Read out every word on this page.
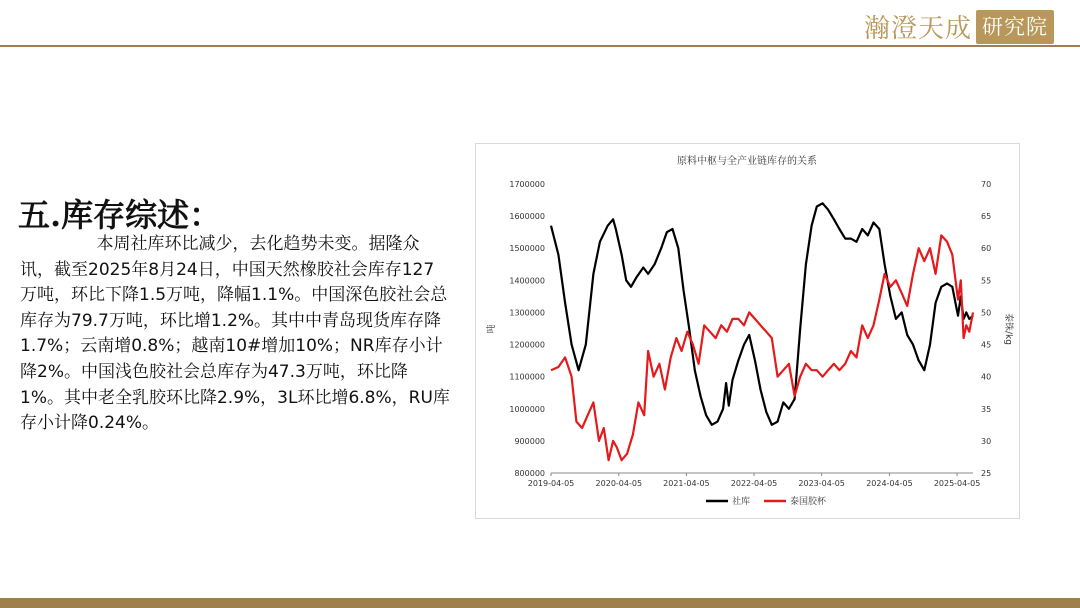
瀚澄天成 研究院
五.库存综述：
本周社库环比减少，去化趋势未变。据隆众讯，截至2025年8月24日，中国天然橡胶社会库存127万吨，环比下降1.5万吨，降幅1.1%。中国深色胶社会总库存为79.7万吨，环比增1.2%。其中中青岛现货库存降1.7%；云南增0.8%；越南10#增加10%；NR库存小计降2%。中国浅色胶社会总库存为47.3万吨，环比降1%。其中老全乳胶环比降2.9%，3L环比增6.8%，RU库存小计降0.24%。
原料中枢与全产业链库存的关系
吨	泰铢/kg
1700000
1600000
1500000
1400000
1300000
1200000
1100000
1000000
900000
800000
70
65
60
55
50
45
40
35
30
25
2019-04-05	2020-04-05	2021-04-05	2022-04-05	2023-04-05	2024-04-05	2025-04-05
社库	泰国胶杯
